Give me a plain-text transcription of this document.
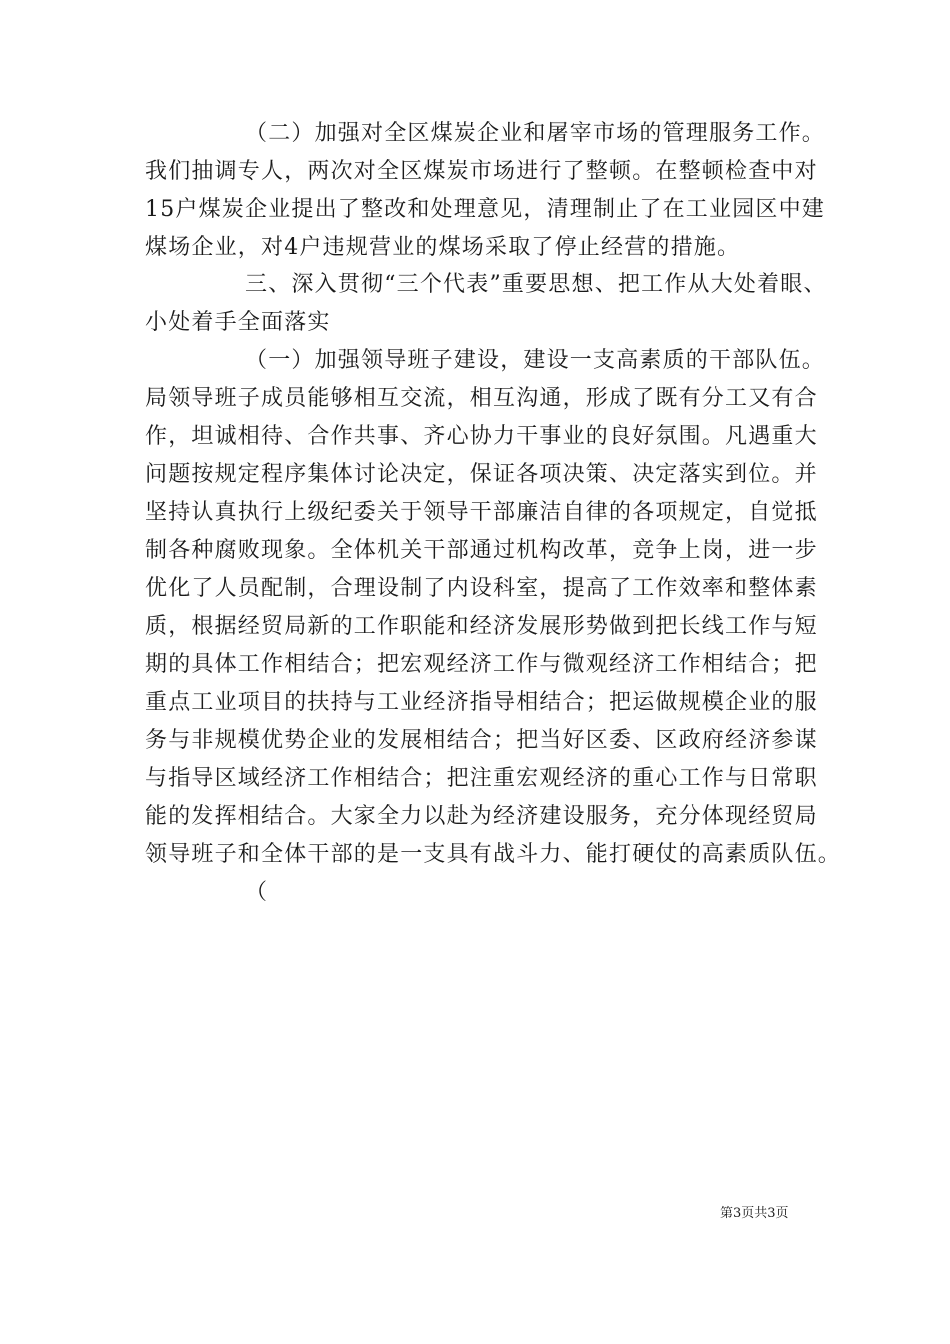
（二）加强对全区煤炭企业和屠宰市场的管理服务工作。
我们抽调专人，两次对全区煤炭市场进行了整顿。在整顿检查中对
15户煤炭企业提出了整改和处理意见，清理制止了在工业园区中建
煤场企业，对4户违规营业的煤场采取了停止经营的措施。
三、深入贯彻“三个代表”重要思想、把工作从大处着眼、
小处着手全面落实
（一）加强领导班子建设，建设一支高素质的干部队伍。
局领导班子成员能够相互交流，相互沟通，形成了既有分工又有合
作，坦诚相待、合作共事、齐心协力干事业的良好氛围。凡遇重大
问题按规定程序集体讨论决定，保证各项决策、决定落实到位。并
坚持认真执行上级纪委关于领导干部廉洁自律的各项规定，自觉抵
制各种腐败现象。全体机关干部通过机构改革，竞争上岗，进一步
优化了人员配制，合理设制了内设科室，提高了工作效率和整体素
质，根据经贸局新的工作职能和经济发展形势做到把长线工作与短
期的具体工作相结合；把宏观经济工作与微观经济工作相结合；把
重点工业项目的扶持与工业经济指导相结合；把运做规模企业的服
务与非规模优势企业的发展相结合；把当好区委、区政府经济参谋
与指导区域经济工作相结合；把注重宏观经济的重心工作与日常职
能的发挥相结合。大家全力以赴为经济建设服务，充分体现经贸局
领导班子和全体干部的是一支具有战斗力、能打硬仗的高素质队伍。
（
第3页共3页
